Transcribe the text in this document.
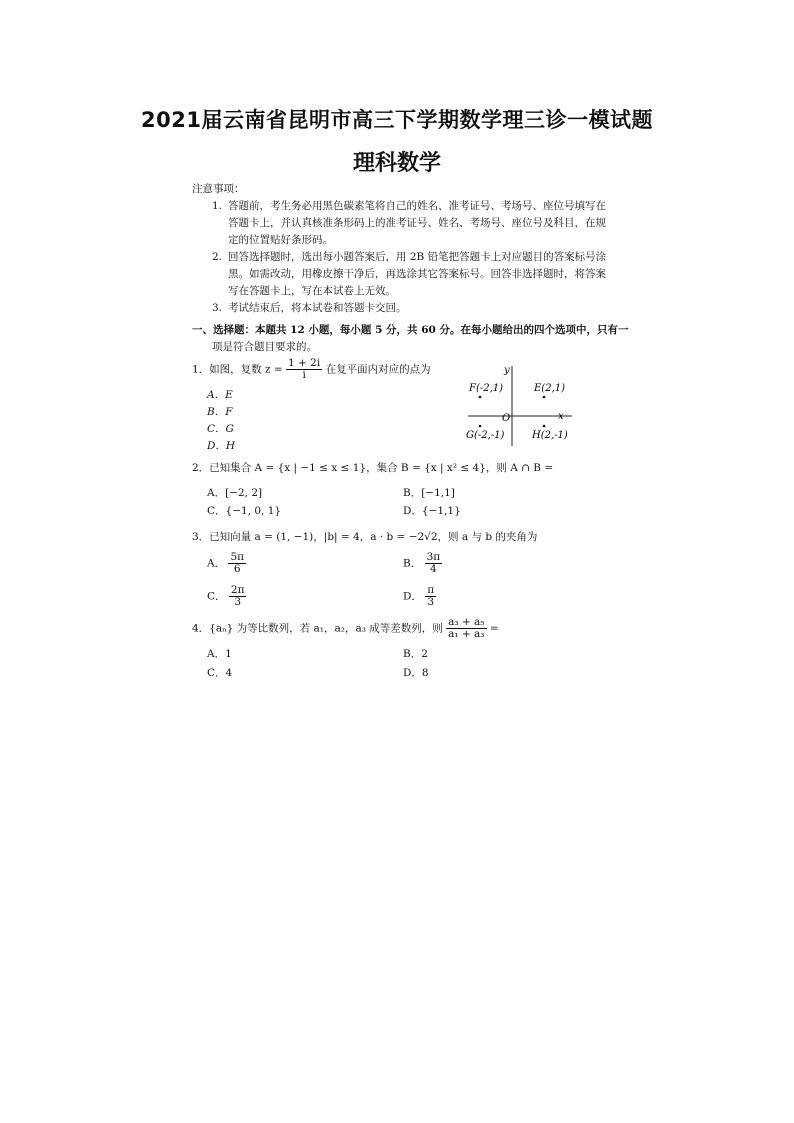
2021届云南省昆明市高三下学期数学理三诊一模试题
理科数学
注意事项：
1. 答题前，考生务必用黑色碳素笔将自己的姓名、准考证号、考场号、座位号填写在
答题卡上，并认真核准条形码上的准考证号、姓名、考场号、座位号及科目，在规
定的位置贴好条形码。
2. 回答选择题时，选出每小题答案后，用 2B 铅笔把答题卡上对应题目的答案标号涂
黑。如需改动，用橡皮擦干净后，再选涂其它答案标号。回答非选择题时，将答案
写在答题卡上，写在本试卷上无效。
3. 考试结束后，将本试卷和答题卡交回。
一、选择题：本题共 12 小题，每小题 5 分，共 60 分。在每小题给出的四个选项中，只有一
项是符合题目要求的。
1．如图，复数 $z = \frac{1 + 2i}{i}$ 在复平面内对应的点为
A．E
B．F
C．G
D．H
y
x
O
F(-2,1)	E(2,1)
G(-2,-1)	H(2,-1)
2．已知集合 A = {x | −1 ≤ x ≤ 1}，集合 B = {x | x² ≤ 4}，则 A ∩ B =
A．[−2, 2]	B．[−1,1]
C．{−1, 0, 1}	D．{−1,1}
3．已知向量 a = (1, −1)，|b| = 4，a · b = −2√2，则 a 与 b 的夹角为
A． $\frac{5\pi}{6}$	B． $\frac{3\pi}{4}$
C． $\frac{2\pi}{3}$	D． $\frac{\pi}{3}$
4．{aₙ} 为等比数列，若 a₁，a₂，a₃ 成等差数列，则 $\frac{\text{a₃ + a₅}}{\text{a₁ + a₃}}$ =
A．1	B．2
C．4	D．8
